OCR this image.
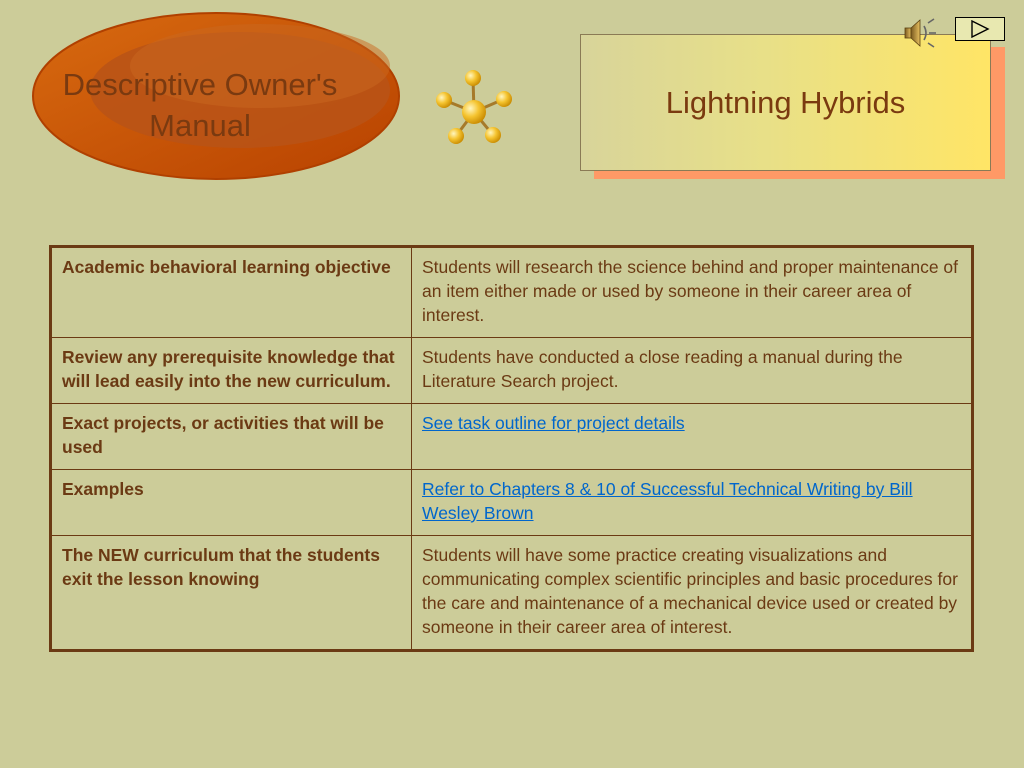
Descriptive Owner's
Manual
Lightning Hybrids
Academic behavioral learning objective	Students will research the science behind and proper maintenance of an item either made or used by someone in their career area of interest.
Review any prerequisite knowledge that will lead easily into the new curriculum.	Students have conducted a close reading a manual during the Literature Search project.
Exact projects, or activities that will be used	See task outline for project details
Examples	Refer to Chapters 8 & 10 of Successful Technical Writing by Bill Wesley Brown
The NEW curriculum that the students exit the lesson knowing	Students will have some practice creating visualizations and communicating complex scientific principles and basic procedures for the care and maintenance of a mechanical device used or created by someone in their career area of interest.
